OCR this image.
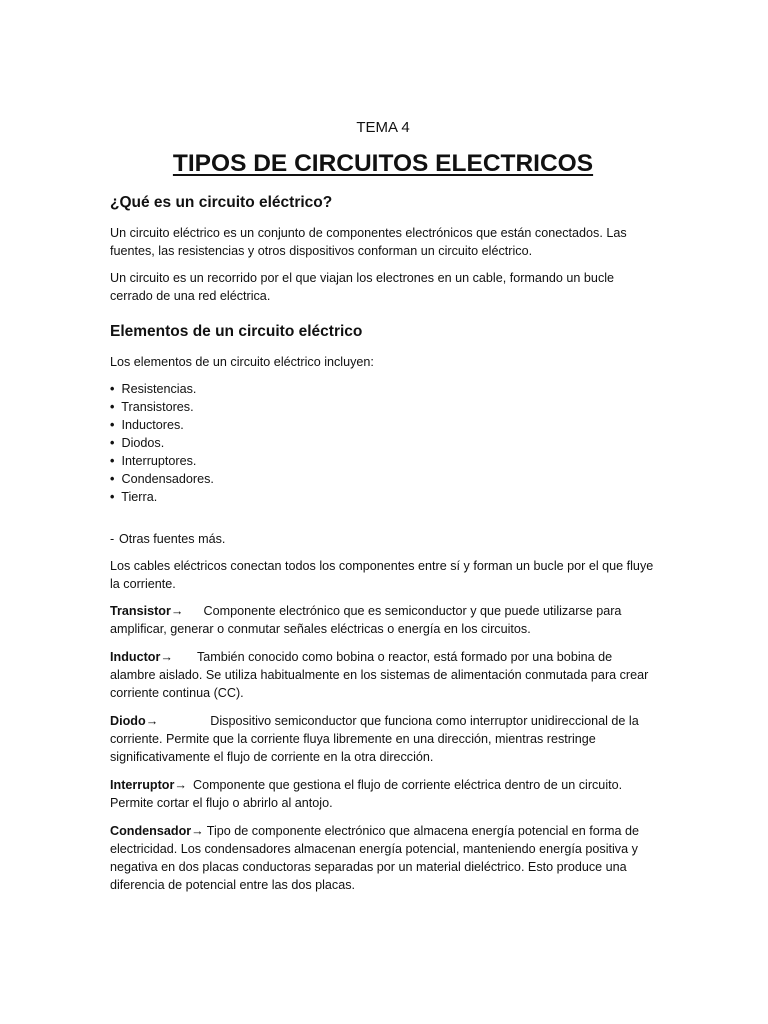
TEMA 4
TIPOS DE CIRCUITOS ELECTRICOS
¿Qué es un circuito eléctrico?

Un circuito eléctrico es un conjunto de componentes electrónicos que están conectados. Las fuentes, las resistencias y otros dispositivos conforman un circuito eléctrico.

Un circuito es un recorrido por el que viajan los electrones en un cable, formando un bucle cerrado de una red eléctrica.

Elementos de un circuito eléctrico

Los elementos de un circuito eléctrico incluyen:

• Resistencias.
• Transistores.
• Inductores.
• Diodos.
• Interruptores.
• Condensadores.
• Tierra.
- Otras fuentes más.

Los cables eléctricos conectan todos los componentes entre sí y forman un bucle por el que fluye la corriente.

Transistor→ Componente electrónico que es semiconductor y que puede utilizarse para amplificar, generar o conmutar señales eléctricas o energía en los circuitos.
Inductor→ También conocido como bobina o reactor, está formado por una bobina de alambre aislado. Se utiliza habitualmente en los sistemas de alimentación conmutada para crear corriente continua (CC).
Diodo→	Dispositivo semiconductor que funciona como interruptor unidireccional de la corriente. Permite que la corriente fluya libremente en una dirección, mientras restringe significativamente el flujo de corriente en la otra dirección.
Interruptor→ Componente que gestiona el flujo de corriente eléctrica dentro de un circuito. Permite cortar el flujo o abrirlo al antojo.
Condensador→ Tipo de componente electrónico que almacena energía potencial en forma de electricidad. Los condensadores almacenan energía potencial, manteniendo energía positiva y negativa en dos placas conductoras separadas por un material dieléctrico. Esto produce una diferencia de potencial entre las dos placas.
